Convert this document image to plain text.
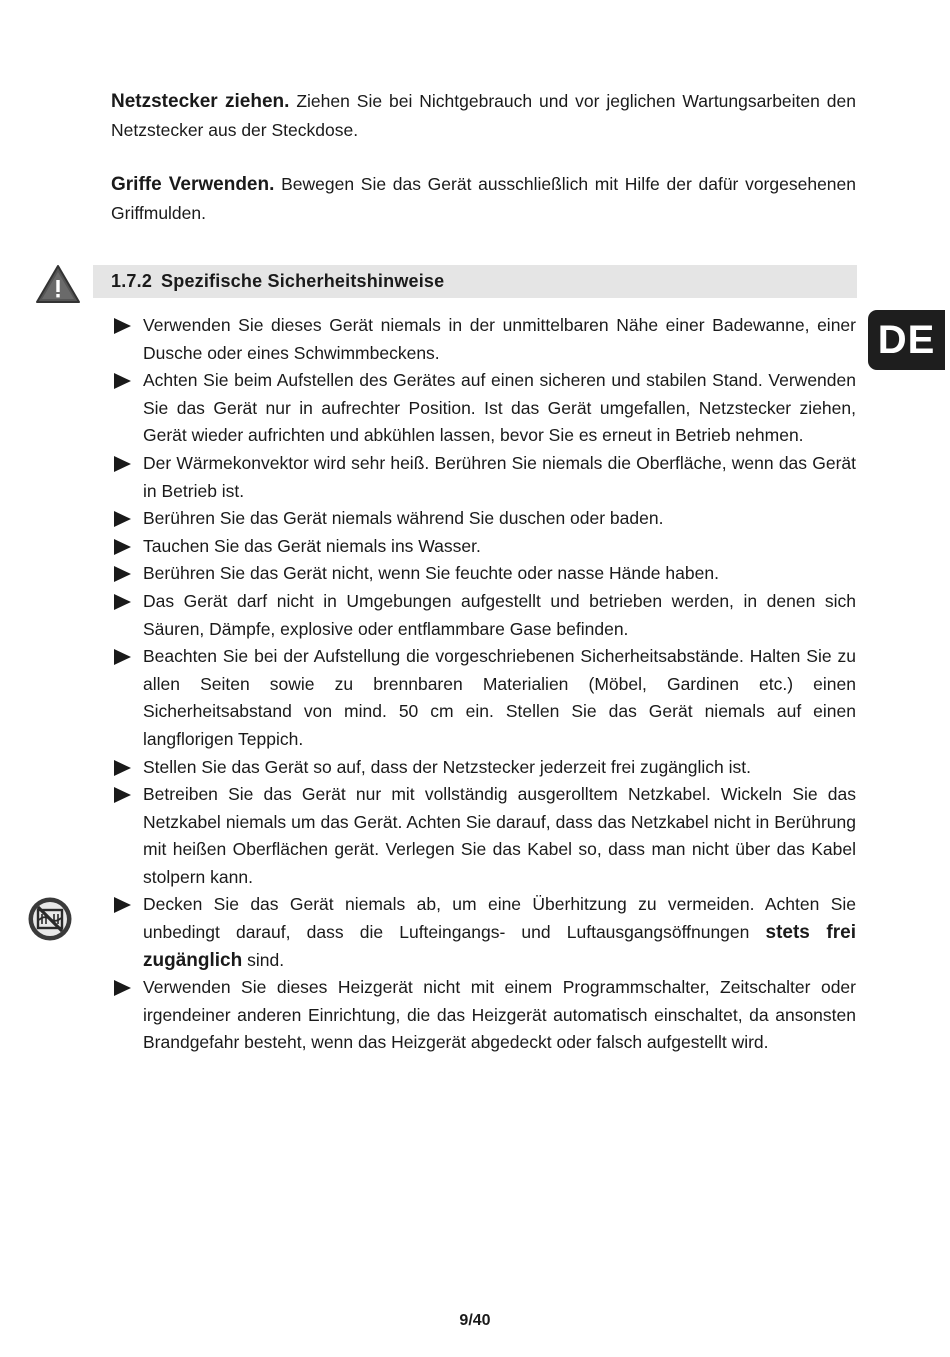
Netzstecker ziehen. Ziehen Sie bei Nichtgebrauch und vor jeglichen Wartungsarbeiten den Netzstecker aus der Steckdose.

Griffe Verwenden. Bewegen Sie das Gerät ausschließlich mit Hilfe der dafür vorgesehenen Griffmulden.

1.7.2 Spezifische Sicherheitshinweise
DE
Verwenden Sie dieses Gerät niemals in der unmittelbaren Nähe einer Badewanne, einer Dusche oder eines Schwimmbeckens.
Achten Sie beim Aufstellen des Gerätes auf einen sicheren und stabilen Stand. Verwenden Sie das Gerät nur in aufrechter Position. Ist das Gerät umgefallen, Netzstecker ziehen, Gerät wieder aufrichten und abkühlen lassen, bevor Sie es erneut in Betrieb nehmen.
Der Wärmekonvektor wird sehr heiß. Berühren Sie niemals die Oberfläche, wenn das Gerät in Betrieb ist.
Berühren Sie das Gerät niemals während Sie duschen oder baden.
Tauchen Sie das Gerät niemals ins Wasser.
Berühren Sie das Gerät nicht, wenn Sie feuchte oder nasse Hände haben.
Das Gerät darf nicht in Umgebungen aufgestellt und betrieben werden, in denen sich Säuren, Dämpfe, explosive oder entflammbare Gase befinden.
Beachten Sie bei der Aufstellung die vorgeschriebenen Sicherheitsabstände. Halten Sie zu allen Seiten sowie zu brennbaren Materialien (Möbel, Gardinen etc.) einen Sicherheitsabstand von mind. 50 cm ein. Stellen Sie das Gerät niemals auf einen langflorigen Teppich.
Stellen Sie das Gerät so auf, dass der Netzstecker jederzeit frei zugänglich ist.
Betreiben Sie das Gerät nur mit vollständig ausgerolltem Netzkabel. Wickeln Sie das Netzkabel niemals um das Gerät. Achten Sie darauf, dass das Netzkabel nicht in Berührung mit heißen Oberflächen gerät. Verlegen Sie das Kabel so, dass man nicht über das Kabel stolpern kann.
Decken Sie das Gerät niemals ab, um eine Überhitzung zu vermeiden. Achten Sie unbedingt darauf, dass die Lufteingangs- und Luftausgangsöffnungen stets frei zugänglich sind.
Verwenden Sie dieses Heizgerät nicht mit einem Programmschalter, Zeitschalter oder irgendeiner anderen Einrichtung, die das Heizgerät automatisch einschaltet, da ansonsten Brandgefahr besteht, wenn das Heizgerät abgedeckt oder falsch aufgestellt wird.
9/40
